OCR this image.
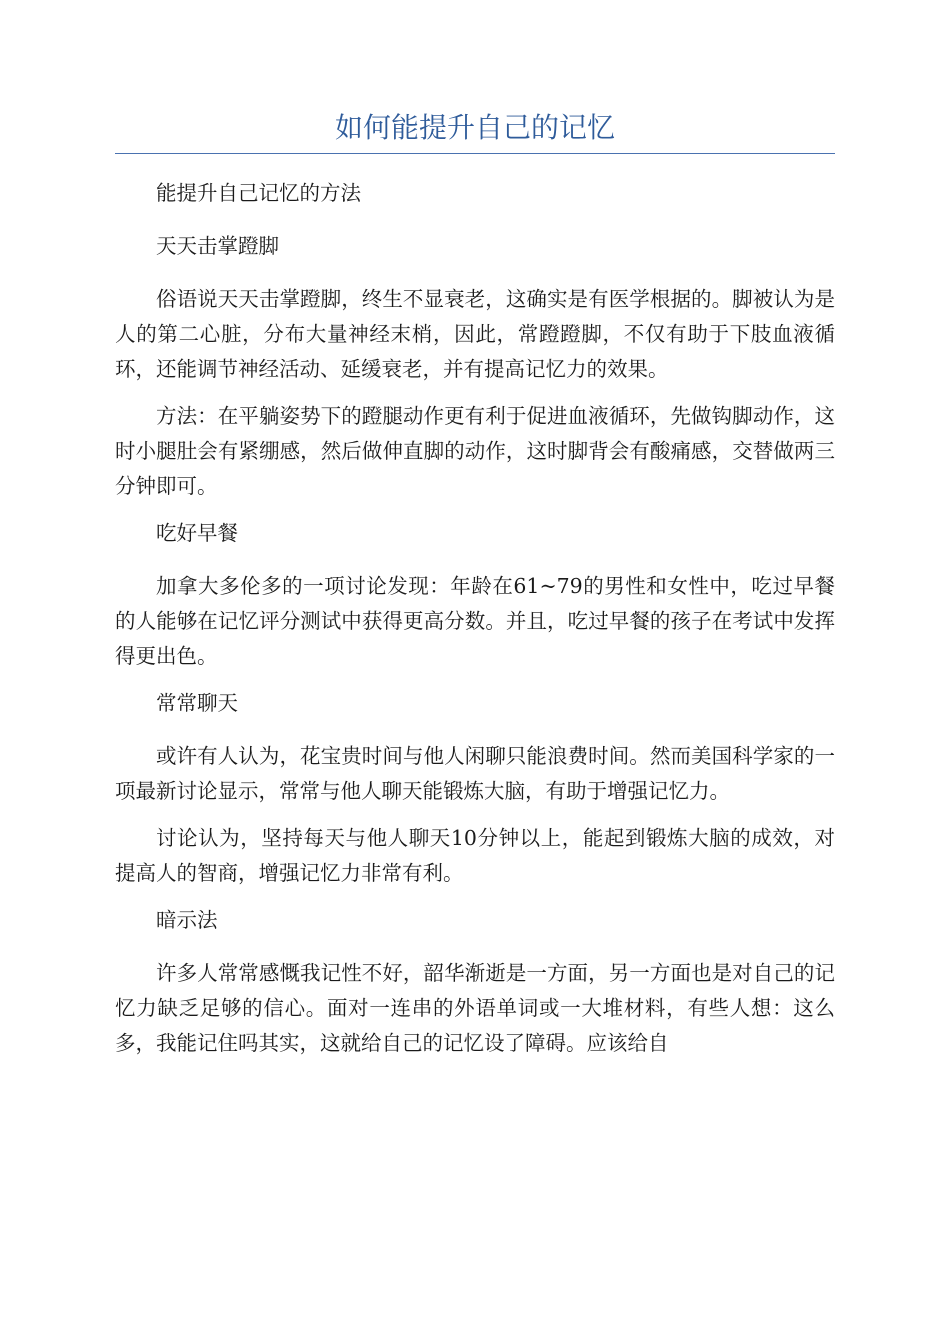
如何能提升自己的记忆

能提升自己记忆的方法

天天击掌蹬脚

俗语说天天击掌蹬脚，终生不显衰老，这确实是有医学根据的。脚被认为是人的第二心脏，分布大量神经末梢，因此，常蹬蹬脚，不仅有助于下肢血液循环，还能调节神经活动、延缓衰老，并有提高记忆力的效果。

方法：在平躺姿势下的蹬腿动作更有利于促进血液循环，先做钩脚动作，这时小腿肚会有紧绷感，然后做伸直脚的动作，这时脚背会有酸痛感，交替做两三分钟即可。

吃好早餐

加拿大多伦多的一项讨论发现：年龄在61~79的男性和女性中，吃过早餐的人能够在记忆评分测试中获得更高分数。并且，吃过早餐的孩子在考试中发挥得更出色。

常常聊天

或许有人认为，花宝贵时间与他人闲聊只能浪费时间。然而美国科学家的一项最新讨论显示，常常与他人聊天能锻炼大脑，有助于增强记忆力。

讨论认为，坚持每天与他人聊天10分钟以上，能起到锻炼大脑的成效，对提高人的智商，增强记忆力非常有利。

暗示法

许多人常常感慨我记性不好，韶华渐逝是一方面，另一方面也是对自己的记忆力缺乏足够的信心。面对一连串的外语单词或一大堆材料，有些人想：这么多，我能记住吗其实，这就给自己的记忆设了障碍。应该给自
